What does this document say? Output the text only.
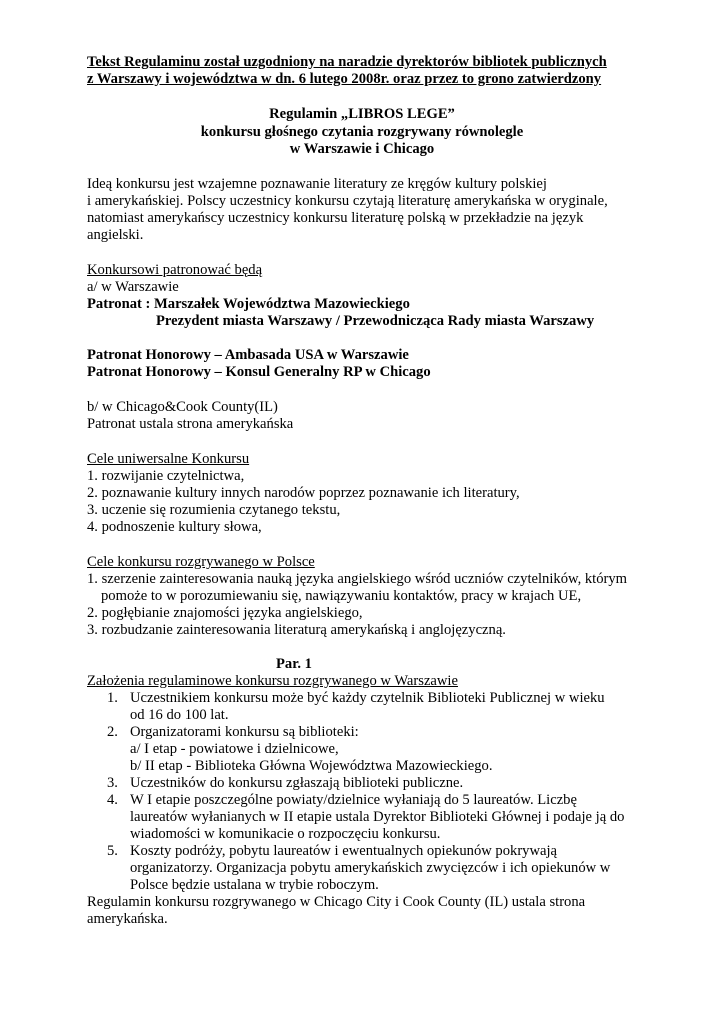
Tekst Regulaminu został uzgodniony na naradzie dyrektorów bibliotek publicznych
z Warszawy i województwa w dn. 6 lutego 2008r. oraz przez to grono zatwierdzony
Regulamin „LIBROS LEGE”
konkursu głośnego czytania rozgrywany równolegle
w Warszawie i Chicago
Ideą konkursu jest wzajemne poznawanie literatury ze kręgów kultury polskiej
i amerykańskiej. Polscy uczestnicy konkursu czytają literaturę amerykańska w oryginale,
natomiast amerykańscy uczestnicy konkursu literaturę polską w przekładzie na język
angielski.
Konkursowi patronować będą
a/ w Warszawie
Patronat : Marszałek Województwa Mazowieckiego
Prezydent miasta Warszawy / Przewodnicząca Rady miasta Warszawy
Patronat Honorowy – Ambasada USA w Warszawie
Patronat Honorowy – Konsul Generalny RP w Chicago
b/ w Chicago&Cook County(IL)
Patronat ustala strona amerykańska
Cele uniwersalne Konkursu
1. rozwijanie czytelnictwa,
2. poznawanie kultury innych narodów poprzez poznawanie ich literatury,
3. uczenie się rozumienia czytanego tekstu,
4. podnoszenie kultury słowa,
Cele konkursu rozgrywanego w Polsce
1. szerzenie zainteresowania nauką języka angielskiego wśród uczniów czytelników, którym
pomoże to w porozumiewaniu się, nawiązywaniu kontaktów, pracy w krajach UE,
2. pogłębianie znajomości języka angielskiego,
3. rozbudzanie zainteresowania literaturą amerykańską i anglojęzyczną.
Par. 1
Założenia regulaminowe konkursu rozgrywanego w Warszawie
1. Uczestnikiem konkursu może być każdy czytelnik Biblioteki Publicznej w wieku
od 16 do 100 lat.
2. Organizatorami konkursu są biblioteki:
a/ I etap - powiatowe i dzielnicowe,
b/ II etap - Biblioteka Główna Województwa Mazowieckiego.
3. Uczestników do konkursu zgłaszają biblioteki publiczne.
4. W I etapie poszczególne powiaty/dzielnice wyłaniają do 5 laureatów. Liczbę
laureatów wyłanianych w II etapie ustala Dyrektor Biblioteki Głównej i podaje ją do
wiadomości w komunikacie o rozpoczęciu konkursu.
5. Koszty podróży, pobytu laureatów i ewentualnych opiekunów pokrywają
organizatorzy. Organizacja pobytu amerykańskich zwycięzców i ich opiekunów w
Polsce będzie ustalana w trybie roboczym.
Regulamin konkursu rozgrywanego w Chicago City i Cook County (IL) ustala strona
amerykańska.
